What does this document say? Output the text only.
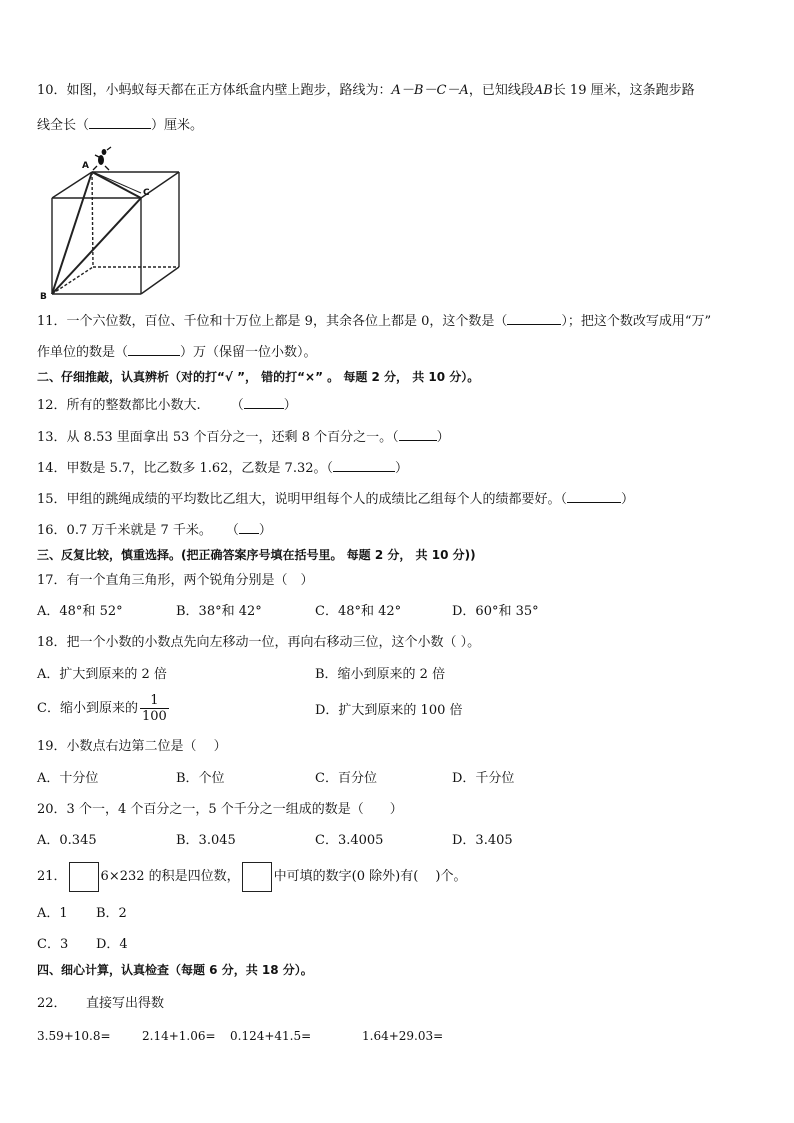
10．如图，小蚂蚁每天都在正方体纸盒内壁上跑步，路线为：A－B－C－A，已知线段AB长 19 厘米，这条跑步路
线全长（	）厘米。
A
B
C
11．一个六位数，百位、千位和十万位上都是 9，其余各位上都是 0，这个数是（	）；把这个数改写成用“万”
作单位的数是（	）万（保留一位小数）。
二、仔细推敲，认真辨析（对的打“√ ”， 错的打“×” 。 每题 2 分， 共 10 分）。
12．所有的整数都比小数大. （	）
13．从 8.53 里面拿出 53 个百分之一，还剩 8 个百分之一。（	）
14．甲数是 5.7，比乙数多 1.62，乙数是 7.32。（	）
15．甲组的跳绳成绩的平均数比乙组大，说明甲组每个人的成绩比乙组每个人的绩都要好。（	）
16．0.7 万千米就是 7 千米。 （ ）
三、反复比较，慎重选择。(把正确答案序号填在括号里。 每题 2 分， 共 10 分))
17．有一个直角三角形，两个锐角分别是（　）
A．48°和 52°	B．38°和 42°	C．48°和 42°	D．60°和 35°
18．把一个小数的小数点先向左移动一位，再向右移动三位，这个小数（ ）。
A．扩大到原来的 2 倍	B．缩小到原来的 2 倍
C．缩小到原来的 $\frac{1}{100}$	D．扩大到原来的 100 倍
19．小数点右边第二位是（　 ）
A．十分位	B．个位	C．百分位	D．千分位
20．3 个一，4 个百分之一，5 个千分之一组成的数是（　　）
A．0.345	B．3.045	C．3.4005	D．3.405
21．	6×232 的积是四位数，	中可填的数字(0 除外)有(　 )个。
A．1 B．2
C．3 D．4
四、细心计算，认真检查（每题 6 分，共 18 分）。
22．　　直接写出得数
3.59+10.8=	2.14+1.06= 0.124+41.5=	1.64+29.03=
